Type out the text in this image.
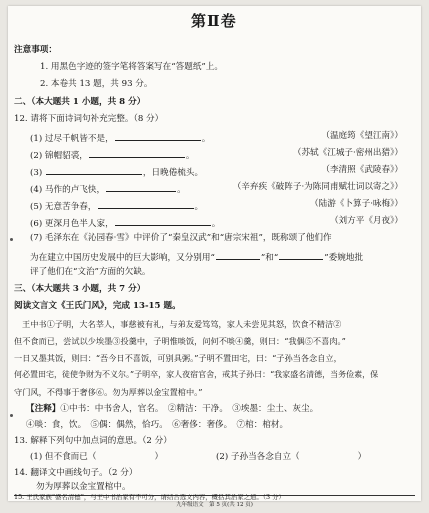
第Ⅱ卷
注意事项：
1. 用黑色字迹的签字笔将答案写在“答题纸”上。
2. 本卷共 13 题，共 93 分。
二、（本大题共 1 小题，共 8 分）
12. 请将下面诗词句补充完整。（8 分）
(1) 过尽千帆皆不是，	。	（温庭筠《望江南》）
(2) 锦帽貂裘，	。	（苏轼《江城子·密州出猎》）
(3)	，日晚倦梳头。	（李清照《武陵春》）
(4) 马作的卢飞快，	。	（辛弃疾《破阵子·为陈同甫赋壮词以寄之》）
(5) 无意苦争春，	。	（陆游《卜算子·咏梅》）
(6) 更深月色半人家，	。	（刘方平《月夜》）
(7) 毛泽东在《沁园春·雪》中评价了“秦皇汉武”和“唐宗宋祖”，既称颂了他们作
为在建立中国历史发展中的巨大影响，又分别用“	”和“	”委婉地批
评了他们在“文治”方面的欠缺。
三、（本大题共 3 小题，共 7 分）
阅读文言文《王氏门风》，完成 13-15 题。
王中书①子明，大名莘人，事慈被有礼，与弟友爱笃笃，家人未尝见其怒，饮食不精洁②
但不食而已，尝试以少埃墨③投羹中，子明惟啖饭，问何不啖④羹，则曰：“我偶⑤不喜肉。”
一日又墨其饭，则曰：“吾今日不喜饭，可别具粥。”子明不置田宅，曰：“子孙当各念自立，
何必置田宅，徒使争财为不义尔。”子明卒，家人夜宿官舍，戒其子孙曰：“我家盛名清德，当务俭素，保
守门风，不得事于奢侈⑥。勿为厚葬以金宝置棺中。”
【注释】①中书：中书舍人，官名。　②精洁：干净。　③埃墨：尘土、灰尘。
④啖：食，饮。　⑤偶：偶然，恰巧。　⑥奢侈：奢侈。　⑦棺：棺材。
13. 解释下列句中加点词的意思。（2 分）
(1) 但不食而已（	）	(2) 子孙当各念自立（	）
14. 翻译文中画线句子。（2 分）
勿为厚葬以金宝置棺中。
15. 王氏家族“盛名清德”，与王中书治家有不可分，请结合选文内容，概括其治家之道。（3 分）
九年级语文　第 5 页(共 12 页)
